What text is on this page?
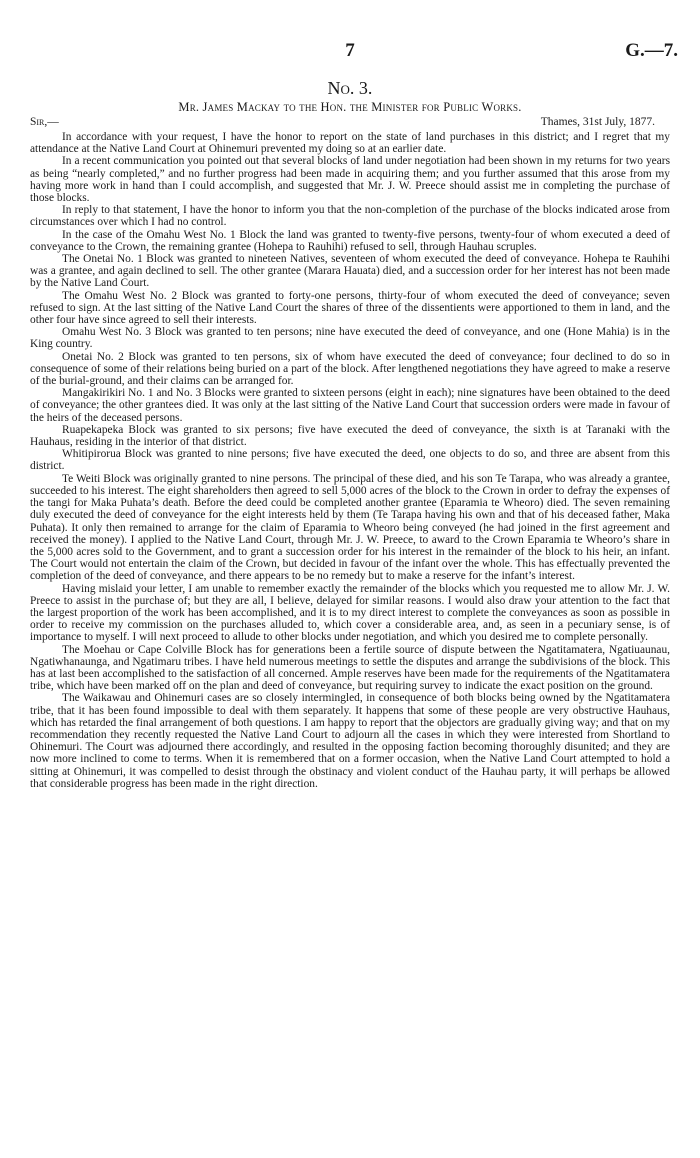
7	G.—7.
No. 3.
Mr. James Mackay to the Hon. the Minister for Public Works.
Sir,—	Thames, 31st July, 1877.

In accordance with your request, I have the honor to report on the state of land purchases in this district; and I regret that my attendance at the Native Land Court at Ohinemuri prevented my doing so at an earlier date.

In a recent communication you pointed out that several blocks of land under negotiation had been shown in my returns for two years as being “nearly completed,” and no further progress had been made in acquiring them; and you further assumed that this arose from my having more work in hand than I could accomplish, and suggested that Mr. J. W. Preece should assist me in completing the purchase of those blocks.

In reply to that statement, I have the honor to inform you that the non-completion of the purchase of the blocks indicated arose from circumstances over which I had no control.

In the case of the Omahu West No. 1 Block the land was granted to twenty-five persons, twenty-four of whom executed a deed of conveyance to the Crown, the remaining grantee (Hohepa to Rauhihi) refused to sell, through Hauhau scruples.

The Onetai No. 1 Block was granted to nineteen Natives, seventeen of whom executed the deed of conveyance. Hohepa te Rauhihi was a grantee, and again declined to sell. The other grantee (Marara Hauata) died, and a succession order for her interest has not been made by the Native Land Court.

The Omahu West No. 2 Block was granted to forty-one persons, thirty-four of whom executed the deed of conveyance; seven refused to sign. At the last sitting of the Native Land Court the shares of three of the dissentients were apportioned to them in land, and the other four have since agreed to sell their interests.

Omahu West No. 3 Block was granted to ten persons; nine have executed the deed of conveyance, and one (Hone Mahia) is in the King country.

Onetai No. 2 Block was granted to ten persons, six of whom have executed the deed of conveyance; four declined to do so in consequence of some of their relations being buried on a part of the block. After lengthened negotiations they have agreed to make a reserve of the burial-ground, and their claims can be arranged for.

Mangakirikiri No. 1 and No. 3 Blocks were granted to sixteen persons (eight in each); nine signatures have been obtained to the deed of conveyance; the other grantees died. It was only at the last sitting of the Native Land Court that succession orders were made in favour of the heirs of the deceased persons.

Ruapekapeka Block was granted to six persons; five have executed the deed of conveyance, the sixth is at Taranaki with the Hauhaus, residing in the interior of that district.

Whitipirorua Block was granted to nine persons; five have executed the deed, one objects to do so, and three are absent from this district.

Te Weiti Block was originally granted to nine persons. The principal of these died, and his son Te Tarapa, who was already a grantee, succeeded to his interest. The eight shareholders then agreed to sell 5,000 acres of the block to the Crown in order to defray the expenses of the tangi for Maka Puhata’s death. Before the deed could be completed another grantee (Eparamia te Wheoro) died. The seven remaining duly executed the deed of conveyance for the eight interests held by them (Te Tarapa having his own and that of his deceased father, Maka Puhata). It only then remained to arrange for the claim of Eparamia to Wheoro being conveyed (he had joined in the first agreement and received the money). I applied to the Native Land Court, through Mr. J. W. Preece, to award to the Crown Eparamia te Wheoro’s share in the 5,000 acres sold to the Government, and to grant a succession order for his interest in the remainder of the block to his heir, an infant. The Court would not entertain the claim of the Crown, but decided in favour of the infant over the whole. This has effectually prevented the completion of the deed of conveyance, and there appears to be no remedy but to make a reserve for the infant’s interest.

Having mislaid your letter, I am unable to remember exactly the remainder of the blocks which you requested me to allow Mr. J. W. Preece to assist in the purchase of; but they are all, I believe, delayed for similar reasons. I would also draw your attention to the fact that the largest proportion of the work has been accomplished, and it is to my direct interest to complete the conveyances as soon as possible in order to receive my commission on the purchases alluded to, which cover a considerable area, and, as seen in a pecuniary sense, is of importance to myself. I will next proceed to allude to other blocks under negotiation, and which you desired me to complete personally.

The Moehau or Cape Colville Block has for generations been a fertile source of dispute between the Ngatitamatera, Ngatiuaunau, Ngatiwhanaunga, and Ngatimaru tribes. I have held numerous meetings to settle the disputes and arrange the subdivisions of the block. This has at last been accomplished to the satisfaction of all concerned. Ample reserves have been made for the requirements of the Ngatitamatera tribe, which have been marked off on the plan and deed of conveyance, but requiring survey to indicate the exact position on the ground.

The Waikawau and Ohinemuri cases are so closely intermingled, in consequence of both blocks being owned by the Ngatitamatera tribe, that it has been found impossible to deal with them separately. It happens that some of these people are very obstructive Hauhaus, which has retarded the final arrangement of both questions. I am happy to report that the objectors are gradually giving way; and that on my recommendation they recently requested the Native Land Court to adjourn all the cases in which they were interested from Shortland to Ohinemuri. The Court was adjourned there accordingly, and resulted in the opposing faction becoming thoroughly disunited; and they are now more inclined to come to terms. When it is remembered that on a former occasion, when the Native Land Court attempted to hold a sitting at Ohinemuri, it was compelled to desist through the obstinacy and violent conduct of the Hauhau party, it will perhaps be allowed that considerable progress has been made in the right direction.
